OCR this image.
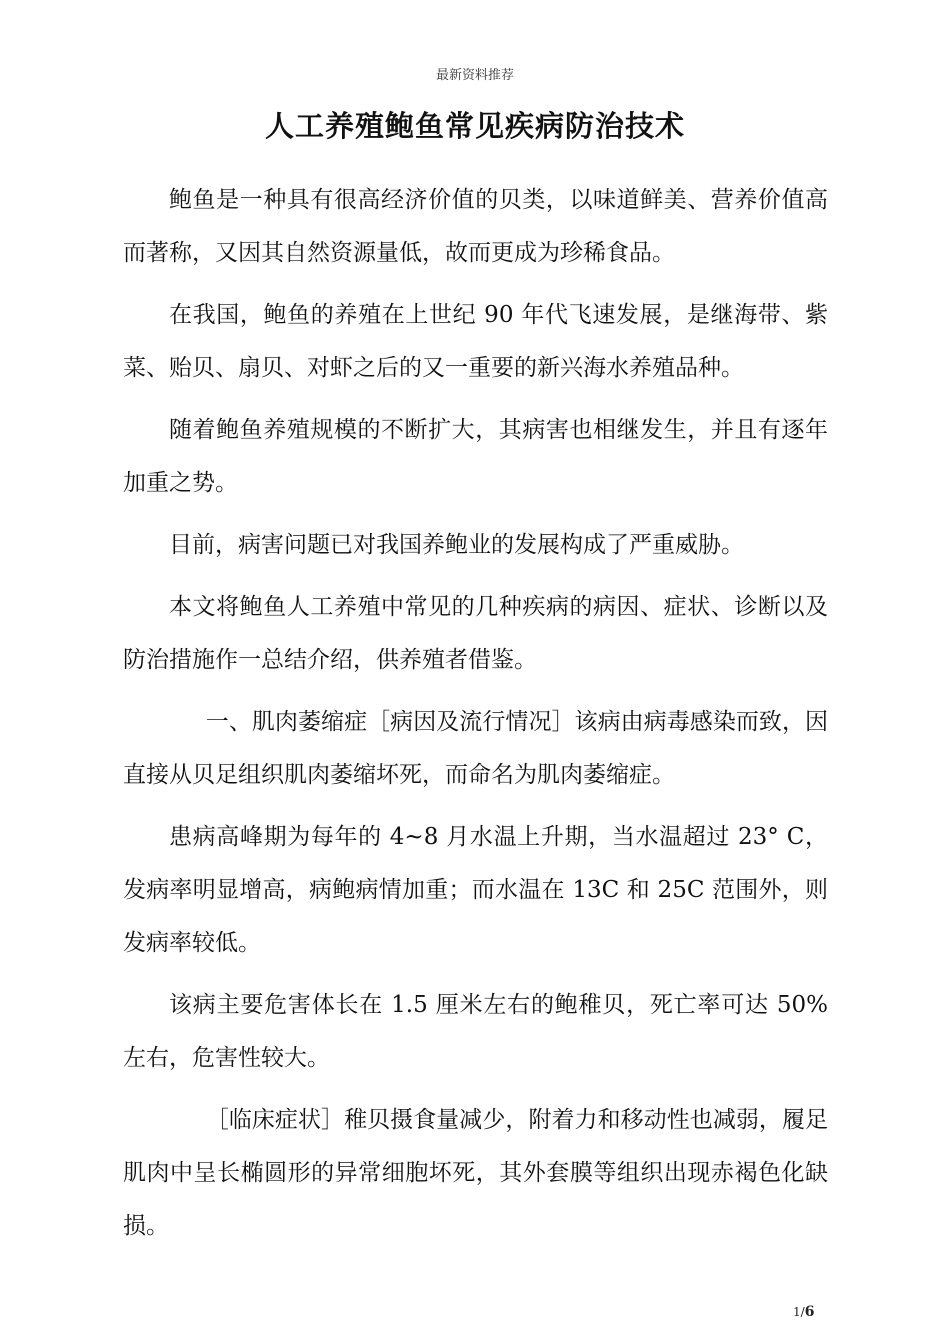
最新资料推荐
人工养殖鲍鱼常见疾病防治技术

鲍鱼是一种具有很高经济价值的贝类，以味道鲜美、营养价值高而著称，又因其自然资源量低，故而更成为珍稀食品。

在我国，鲍鱼的养殖在上世纪 90 年代飞速发展，是继海带、紫菜、贻贝、扇贝、对虾之后的又一重要的新兴海水养殖品种。

随着鲍鱼养殖规模的不断扩大，其病害也相继发生，并且有逐年加重之势。

目前，病害问题已对我国养鲍业的发展构成了严重威胁。

本文将鲍鱼人工养殖中常见的几种疾病的病因、症状、诊断以及防治措施作一总结介绍，供养殖者借鉴。

一、肌肉萎缩症［病因及流行情况］该病由病毒感染而致，因直接从贝足组织肌肉萎缩坏死，而命名为肌肉萎缩症。

患病高峰期为每年的 4~8 月水温上升期，当水温超过 23° C，发病率明显增高，病鲍病情加重；而水温在 13C 和 25C 范围外，则发病率较低。

该病主要危害体长在 1.5 厘米左右的鲍稚贝，死亡率可达 50%左右，危害性较大。

［临床症状］稚贝摄食量减少，附着力和移动性也减弱，履足肌肉中呈长椭圆形的异常细胞坏死，其外套膜等组织出现赤褐色化缺损。

1/6
